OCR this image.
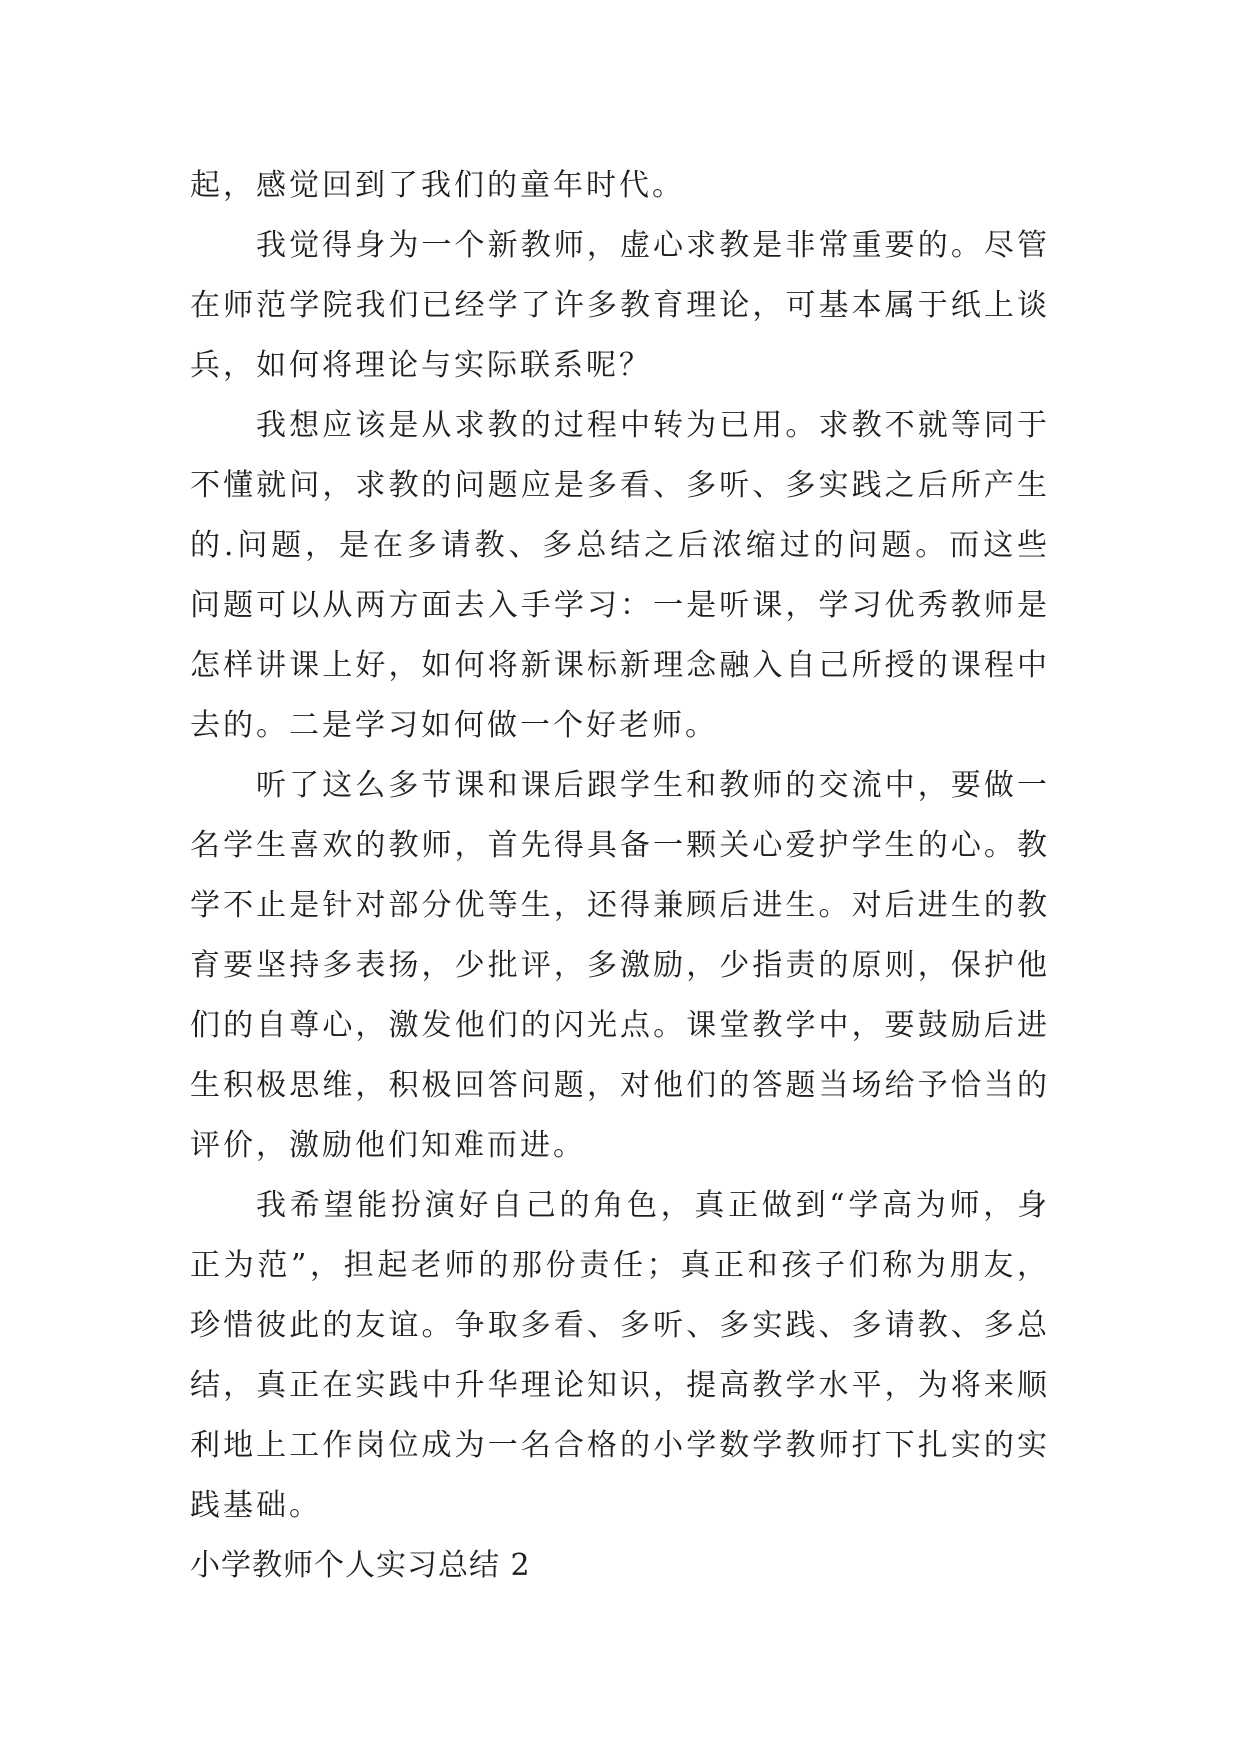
起，感觉回到了我们的童年时代。

我觉得身为一个新教师，虚心求教是非常重要的。尽管在师范学院我们已经学了许多教育理论，可基本属于纸上谈兵，如何将理论与实际联系呢？

我想应该是从求教的过程中转为已用。求教不就等同于不懂就问，求教的问题应是多看、多听、多实践之后所产生的.问题，是在多请教、多总结之后浓缩过的问题。而这些问题可以从两方面去入手学习：一是听课，学习优秀教师是怎样讲课上好，如何将新课标新理念融入自己所授的课程中去的。二是学习如何做一个好老师。

听了这么多节课和课后跟学生和教师的交流中，要做一名学生喜欢的教师，首先得具备一颗关心爱护学生的心。教学不止是针对部分优等生，还得兼顾后进生。对后进生的教育要坚持多表扬，少批评，多激励，少指责的原则，保护他们的自尊心，激发他们的闪光点。课堂教学中，要鼓励后进生积极思维，积极回答问题，对他们的答题当场给予恰当的评价，激励他们知难而进。

我希望能扮演好自己的角色，真正做到“学高为师，身正为范”，担起老师的那份责任；真正和孩子们称为朋友，珍惜彼此的友谊。争取多看、多听、多实践、多请教、多总结，真正在实践中升华理论知识，提高教学水平，为将来顺利地上工作岗位成为一名合格的小学数学教师打下扎实的实践基础。

小学教师个人实习总结 2
